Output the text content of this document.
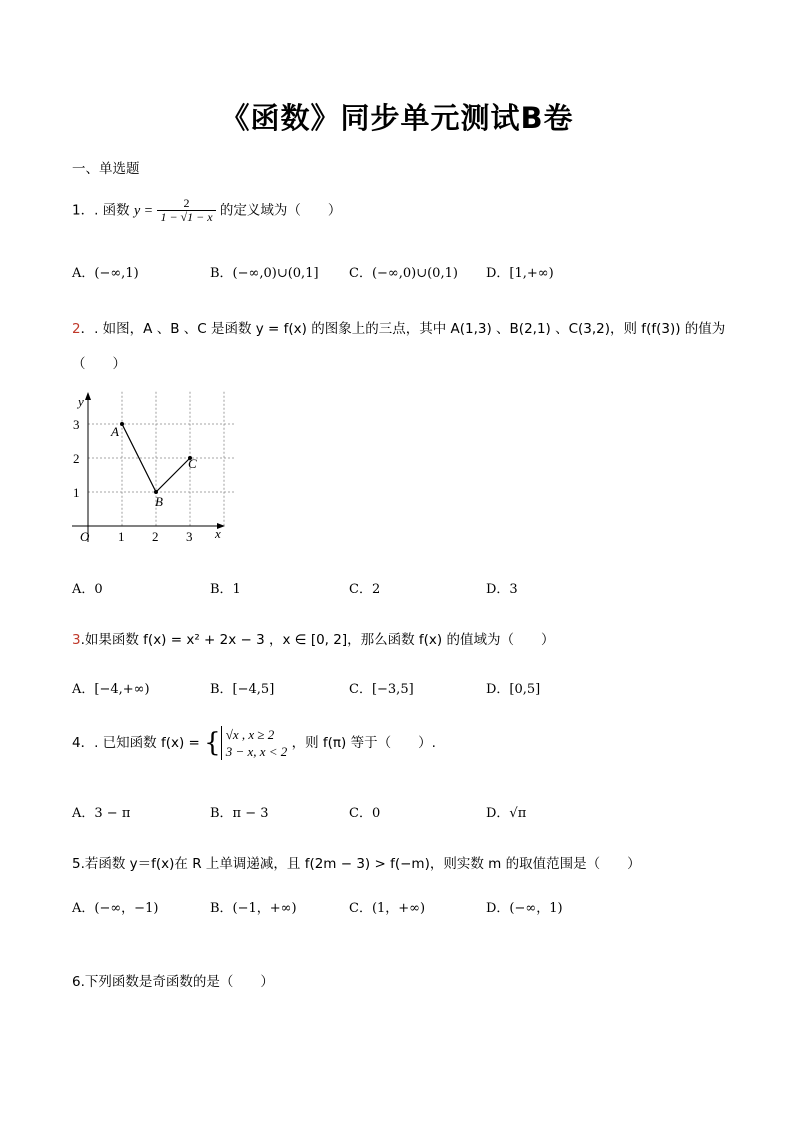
《函数》同步单元测试B卷
一、单选题
1．. 函数 $y = \frac{2}{1 - √1 - x}$ 的定义域为（　　）
A．(−∞,1)	B．(−∞,0)∪(0,1] C．(−∞,0)∪(0,1) D．[1,+∞)
2．. 如图，A 、B 、C 是函数 y = f(x) 的图象上的三点，其中 A(1,3) 、B(2,1) 、C(3,2)，则 f(f(3)) 的值为
（　　）
y
x
O 1 2 3
1
2
3 A
B
C
A．0	B．1	C．2	D．3
3.如果函数 f(x) = x² + 2x − 3 ，x ∈ [0, 2]，那么函数 f(x) 的值域为（　　）
A．[−4,+∞)	B．[−4,5]	C．[−3,5]	D．[0,5]
4．. 已知函数 f(x) = { √x , x ≥ 2
3 − x, x < 2
，则 f(π) 等于（　　）.
A．3 − π	B．π − 3	C．0	D．√π
5.若函数 y＝f(x)在 R 上单调递减，且 f(2m − 3) > f(−m)，则实数 m 的取值范围是（　　）
A．(−∞，−1)	B．(−1，+∞)	C．(1，+∞)	D．(−∞，1)
6.下列函数是奇函数的是（　　）
